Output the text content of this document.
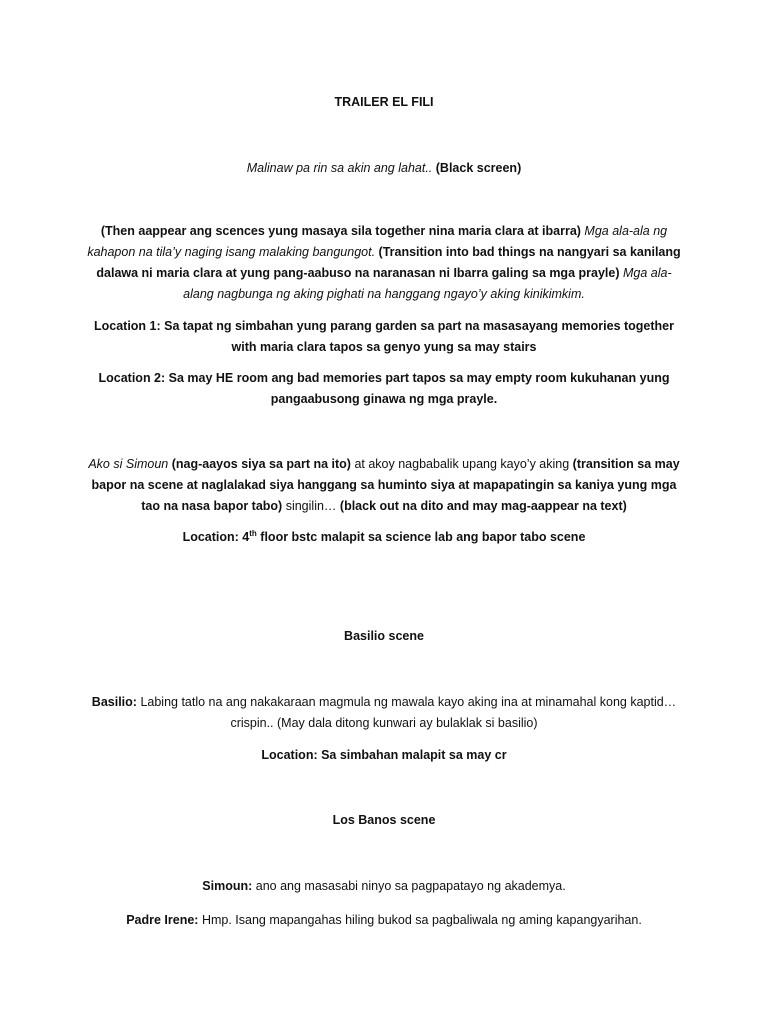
TRAILER EL FILI

Malinaw pa rin sa akin ang lahat.. (Black screen)

(Then aappear ang scences yung masaya sila together nina maria clara at ibarra) Mga ala-ala ng kahapon na tila’y naging isang malaking bangungot. (Transition into bad things na nangyari sa kanilang dalawa ni maria clara at yung pang-aabuso na naranasan ni Ibarra galing sa mga prayle) Mga ala-alang nagbunga ng aking pighati na hanggang ngayo’y aking kinikimkim.

Location 1: Sa tapat ng simbahan yung parang garden sa part na masasayang memories together with maria clara tapos sa genyo yung sa may stairs

Location 2: Sa may HE room ang bad memories part tapos sa may empty room kukuhanan yung pangaabusong ginawa ng mga prayle.

Ako si Simoun (nag-aayos siya sa part na ito) at akoy nagbabalik upang kayo’y aking (transition sa may bapor na scene at naglalakad siya hanggang sa huminto siya at mapapatingin sa kaniya yung mga tao na nasa bapor tabo) singilin… (black out na dito and may mag-aappear na text)

Location: 4th floor bstc malapit sa science lab ang bapor tabo scene

Basilio scene

Basilio: Labing tatlo na ang nakakaraan magmula ng mawala kayo aking ina at minamahal kong kaptid… crispin.. (May dala ditong kunwari ay bulaklak si basilio)

Location: Sa simbahan malapit sa may cr

Los Banos scene

Simoun: ano ang masasabi ninyo sa pagpapatayo ng akademya.

Padre Irene: Hmp. Isang mapangahas hiling bukod sa pagbaliwala ng aming kapangyarihan.
